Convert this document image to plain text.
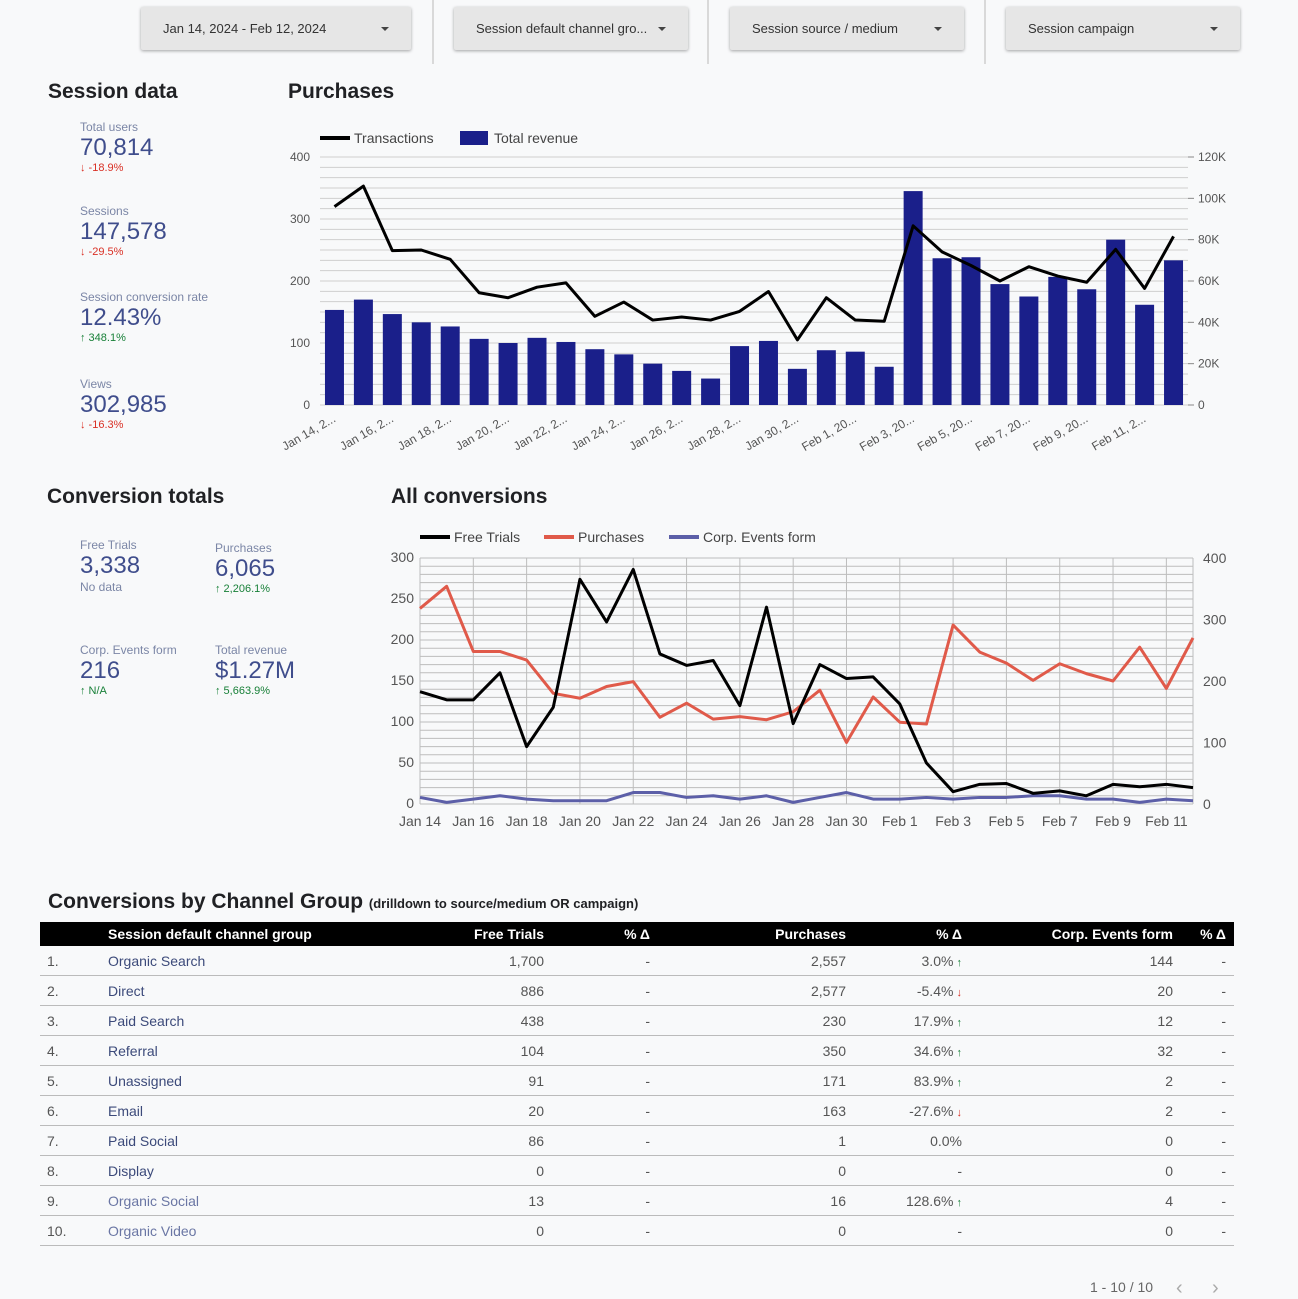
Jan 14, 2024 - Feb 12, 2024	Session default channel gro...	Session source / medium	Session campaign
Session data
Total users
70,814
↓ -18.9%
Sessions
147,578
↓ -29.5%
Session conversion rate
12.43%
↑ 348.1%
Views
302,985
↓ -16.3%
Purchases
Transactions	Total revenue
0
100
200
300
400
0
20K
40K
60K
80K
100K
120K
Jan 14, 2... Jan 16, 2... Jan 18, 2... Jan 20, 2... Jan 22, 2... Jan 24, 2... Jan 26, 2... Jan 28, 2... Jan 30, 2...
Feb 1, 20...
Feb 3, 20...
Feb 5, 20...
Feb 7, 20...
Feb 9, 20... Feb 11, 2...
Conversion totals
Free Trials
3,338
No data
Purchases
6,065
↑ 2,206.1%
Corp. Events form
216
↑ N/A
Total revenue
$1.27M
↑ 5,663.9%
All conversions
Free Trials	Purchases	Corp. Events form
0
50
100
150
200
250
300
0
100
200
300
400
Jan 14 Jan 16 Jan 18 Jan 20 Jan 22 Jan 24 Jan 26 Jan 28 Jan 30 Feb 1 Feb 3 Feb 5 Feb 7 Feb 9 Feb 11
Conversions by Channel Group (drilldown to source/medium OR campaign)
	Session default channel group	Free Trials	% Δ	Purchases	% Δ	Corp. Events form	% Δ
1.	Organic Search	1,700	-	2,557	3.0% ↑	144	-
2.	Direct	886	-	2,577	-5.4% ↓	20	-
3.	Paid Search	438	-	230	17.9% ↑	12	-
4.	Referral	104	-	350	34.6% ↑	32	-
5.	Unassigned	91	-	171	83.9% ↑	2	-
6.	Email	20	-	163	-27.6% ↓	2	-
7.	Paid Social	86	-	1	0.0%	0	-
8.	Display	0	-	0	-	0	-
9.	Organic Social	13	-	16	128.6% ↑	4	-
10.	Organic Video	0	-	0	-	0	-
1 - 10 / 10 ‹ ›
